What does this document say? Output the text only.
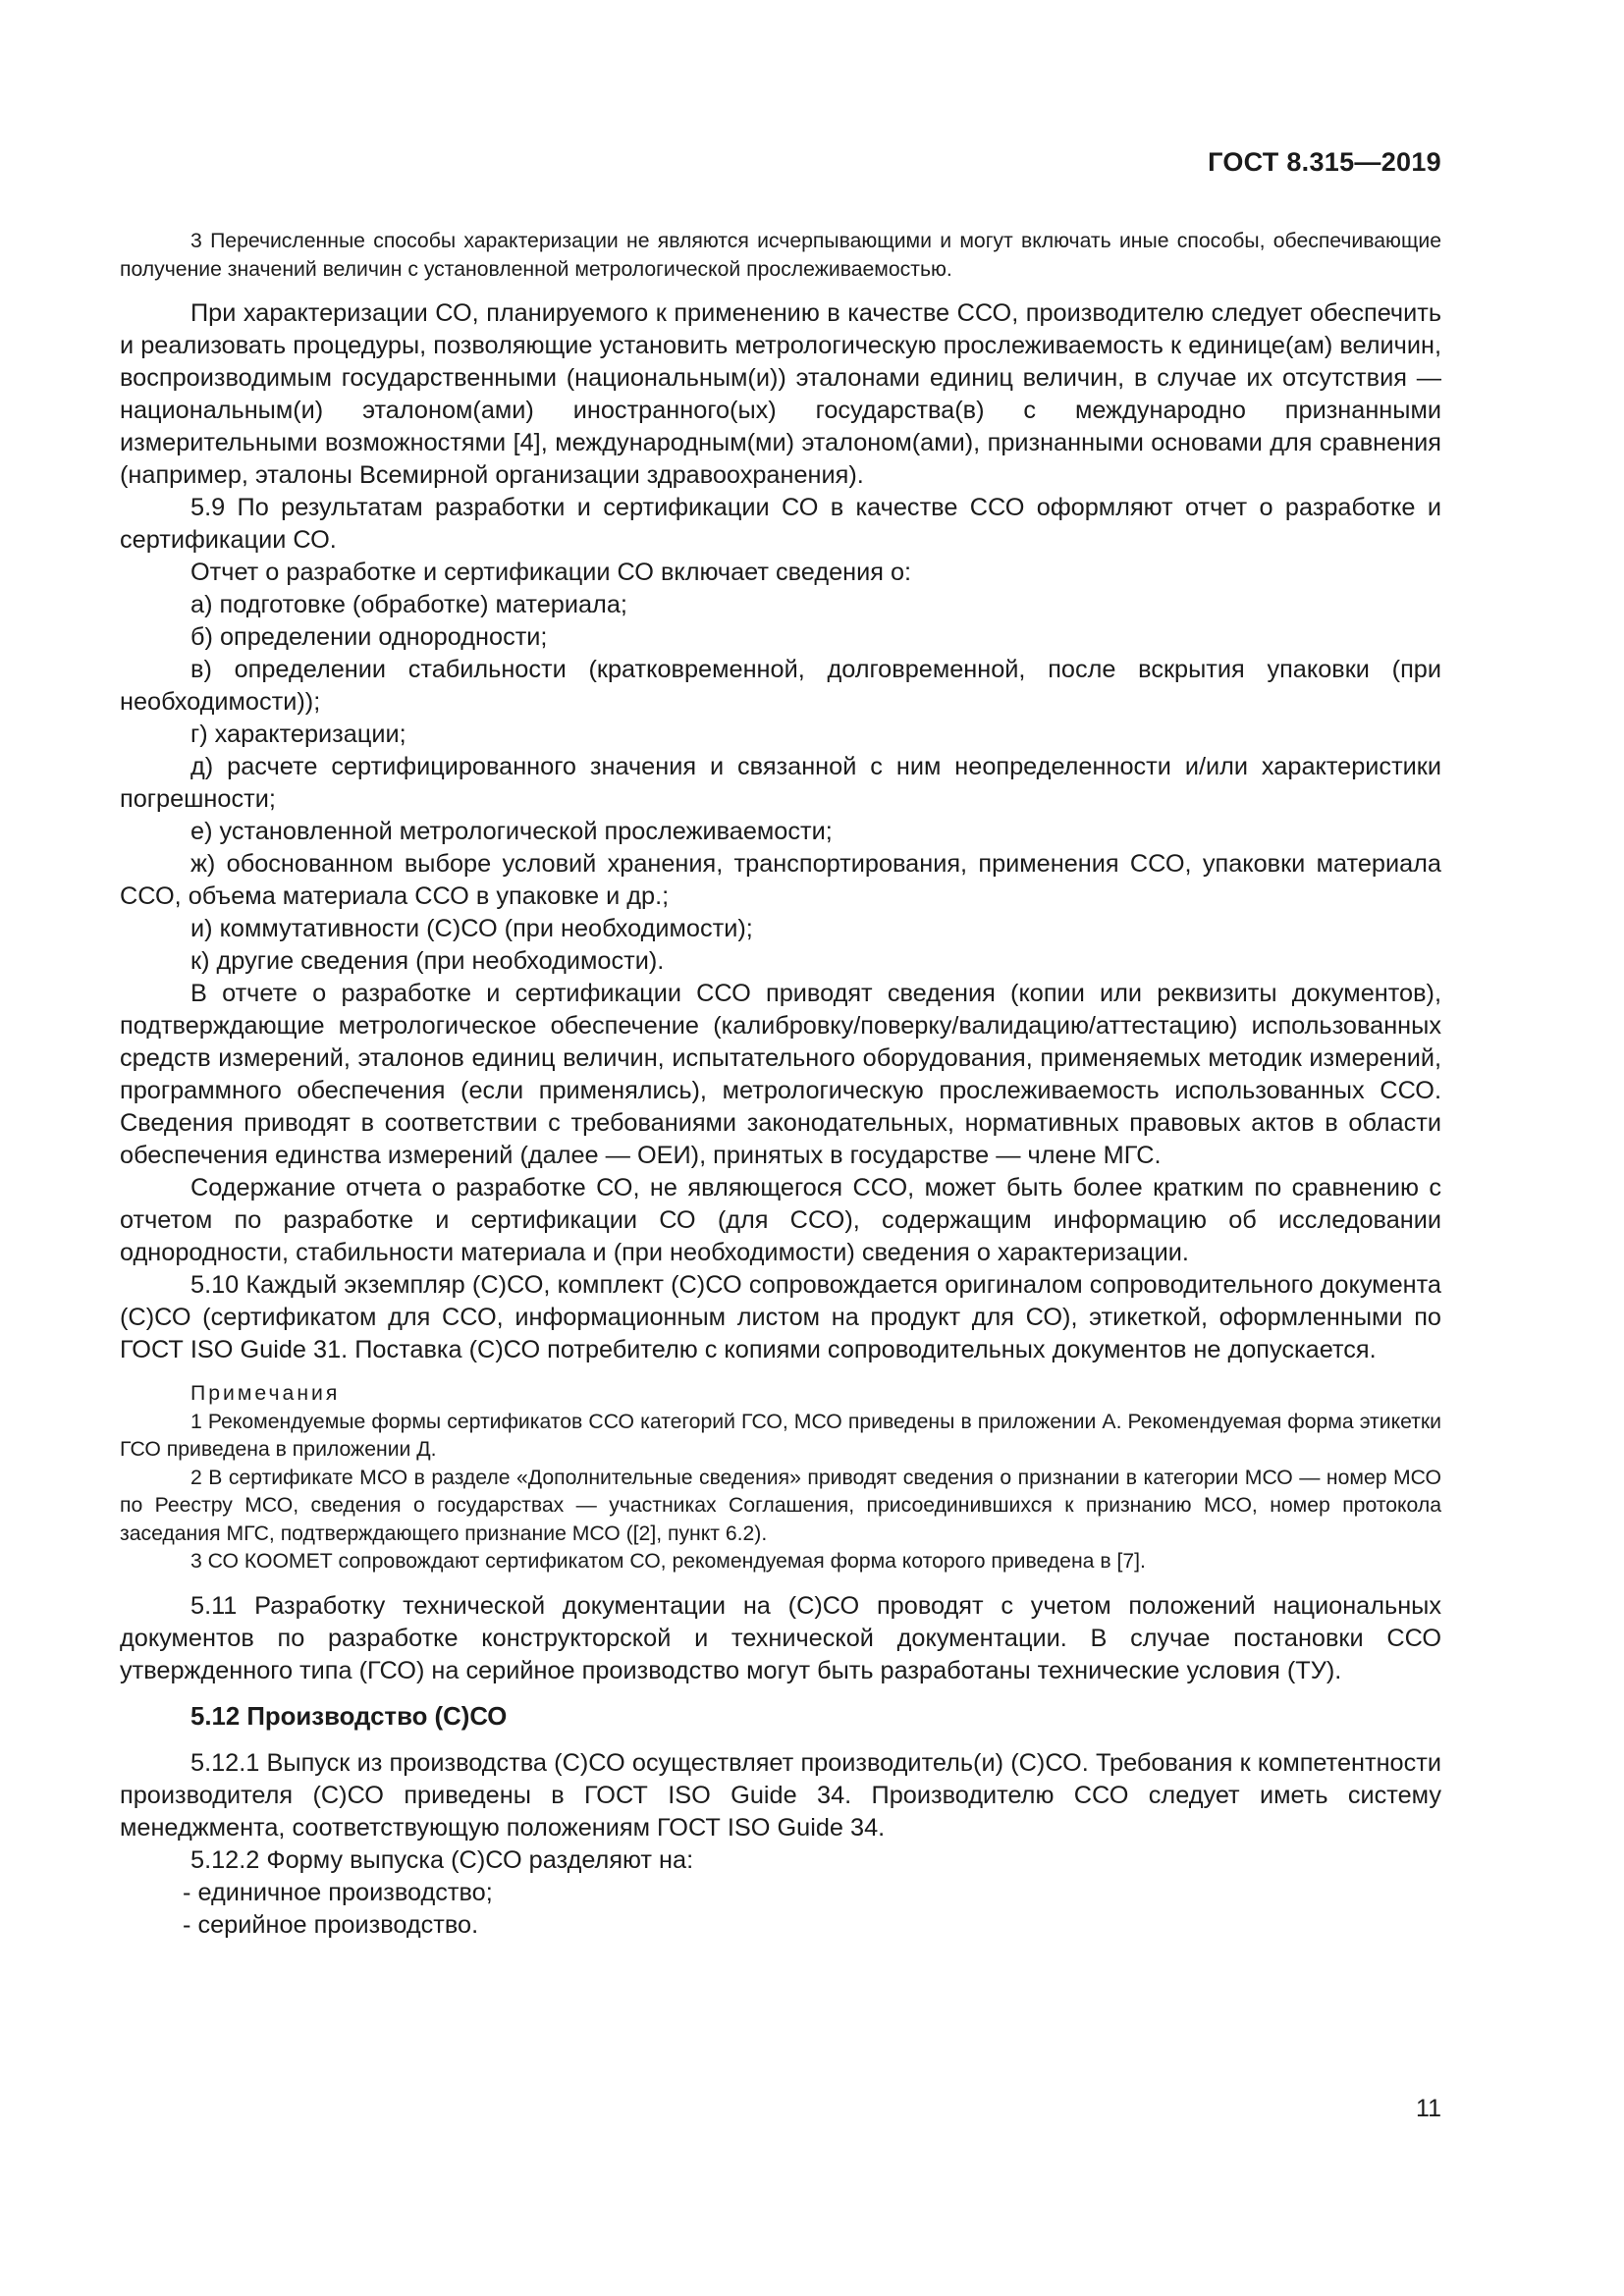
ГОСТ 8.315—2019

3 Перечисленные способы характеризации не являются исчерпывающими и могут включать иные способы, обеспечивающие получение значений величин с установленной метрологической прослеживаемостью.

При характеризации СО, планируемого к применению в качестве ССО, производителю следует обеспечить и реализовать процедуры, позволяющие установить метрологическую прослеживаемость к единице(ам) величин, воспроизводимым государственными (национальным(и)) эталонами единиц величин, в случае их отсутствия — национальным(и) эталоном(ами) иностранного(ых) государства(в) с международно признанными измерительными возможностями [4], международным(ми) эталоном(ами), признанными основами для сравнения (например, эталоны Всемирной организации здравоохранения).

5.9 По результатам разработки и сертификации СО в качестве ССО оформляют отчет о разработке и сертификации СО.

Отчет о разработке и сертификации СО включает сведения о:

а) подготовке (обработке) материала;

б) определении однородности;

в) определении стабильности (кратковременной, долговременной, после вскрытия упаковки (при необходимости));

г) характеризации;

д) расчете сертифицированного значения и связанной с ним неопределенности и/или характеристики погрешности;

е) установленной метрологической прослеживаемости;

ж) обоснованном выборе условий хранения, транспортирования, применения ССО, упаковки материала ССО, объема материала ССО в упаковке и др.;

и) коммутативности (С)СО (при необходимости);

к) другие сведения (при необходимости).

В отчете о разработке и сертификации ССО приводят сведения (копии или реквизиты документов), подтверждающие метрологическое обеспечение (калибровку/поверку/валидацию/аттестацию) использованных средств измерений, эталонов единиц величин, испытательного оборудования, применяемых методик измерений, программного обеспечения (если применялись), метрологическую прослеживаемость использованных ССО. Сведения приводят в соответствии с требованиями законодательных, нормативных правовых актов в области обеспечения единства измерений (далее — ОЕИ), принятых в государстве — члене МГС.

Содержание отчета о разработке СО, не являющегося ССО, может быть более кратким по сравнению с отчетом по разработке и сертификации СО (для ССО), содержащим информацию об исследовании однородности, стабильности материала и (при необходимости) сведения о характеризации.

5.10 Каждый экземпляр (С)СО, комплект (С)СО сопровождается оригиналом сопроводительного документа (С)СО (сертификатом для ССО, информационным листом на продукт для СО), этикеткой, оформленными по ГОСТ ISO Guide 31. Поставка (С)СО потребителю с копиями сопроводительных документов не допускается.

Примечания

1 Рекомендуемые формы сертификатов ССО категорий ГСО, МСО приведены в приложении А. Рекомендуемая форма этикетки ГСО приведена в приложении Д.

2 В сертификате МСО в разделе «Дополнительные сведения» приводят сведения о признании в категории МСО — номер МСО по Реестру МСО, сведения о государствах — участниках Соглашения, присоединившихся к признанию МСО, номер протокола заседания МГС, подтверждающего признание МСО ([2], пункт 6.2).

3 СО КООМЕТ сопровождают сертификатом СО, рекомендуемая форма которого приведена в [7].

5.11 Разработку технической документации на (С)СО проводят с учетом положений национальных документов по разработке конструкторской и технической документации. В случае постановки ССО утвержденного типа (ГСО) на серийное производство могут быть разработаны технические условия (ТУ).

5.12 Производство (С)СО

5.12.1 Выпуск из производства (С)СО осуществляет производитель(и) (С)СО. Требования к компетентности производителя (С)СО приведены в ГОСТ ISO Guide 34. Производителю ССО следует иметь систему менеджмента, соответствующую положениям ГОСТ ISO Guide 34.

5.12.2 Форму выпуска (С)СО разделяют на:

- единичное производство;

- серийное производство.

11
